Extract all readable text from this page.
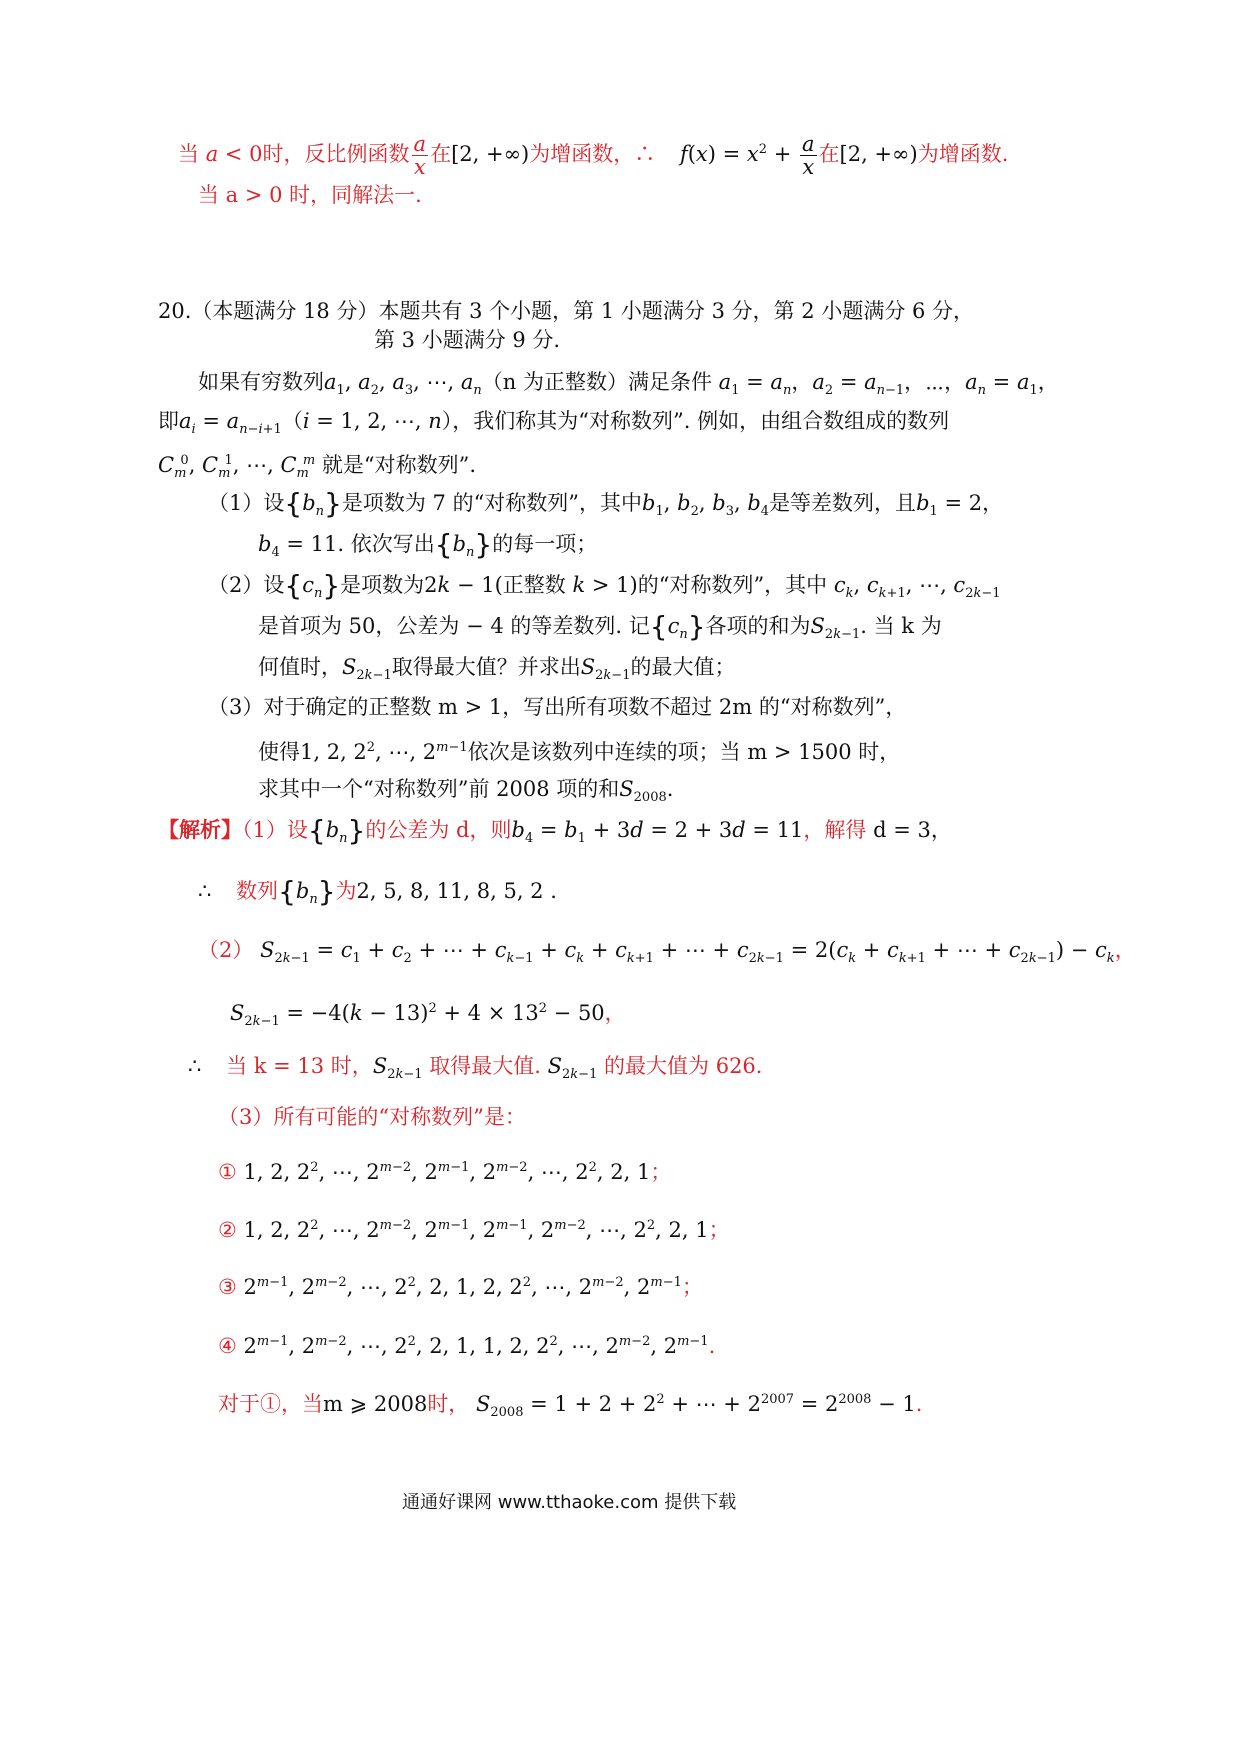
当 a < 0时，反比例函数 $\frac{a}{x}$ 在[2, +∞)为增函数，∴ $f(x) = x^2 + \frac{a}{x}$ 在[2, +∞)为增函数.
当 a > 0 时，同解法一.
20.（本题满分 18 分）本题共有 3 个小题，第 1 小题满分 3 分，第 2 小题满分 6 分，
第 3 小题满分 9 分.
如果有穷数列$a_1$, $a_2$, $a_3$, ⋯, $a_n(n$ 为正整数）满足条件 $a_1 = a_n$，$a_2 = a_{n-1}$，⋯，$a_n = a_1$，
即$a_i = a_{n-i+1}(i = 1$, 2, ⋯, n），我们称其为“对称数列”. 例如，由组合数组成的数列
$C_m^0$, $C_m^1$, ⋯, $C_m^m$ 就是“对称数列”.
（1）设$\{b_n\}$是项数为 7 的“对称数列”，其中$b_1$, $b_2$, $b_3$, $b_4$是等差数列，且$b_1 = 2$，
$b_4 = 11$. 依次写出$\{b_n\}$的每一项；
（2）设$\{c_n\}$是项数为2k − 1(正整数 k > 1)的“对称数列”，其中 $c_k$, $c_{k+1}$, ⋯, $c_{2k-1}$
是首项为 50，公差为 − 4 的等差数列. 记$\{c_n\}$各项的和为$S_{2k-1}$. 当 k 为
何值时，$S_{2k-1}$取得最大值？并求出$S_{2k-1}$的最大值；
（3）对于确定的正整数 m > 1，写出所有项数不超过 2m 的“对称数列”，
使得1, 2, $2^2$, ⋯, $2^{m-1}$依次是该数列中连续的项；当 m > 1500 时，
求其中一个“对称数列”前 2008 项的和$S_{2008}$.
【解析】（1）设$\{b_n\}$的公差为 d，则$b_4 = b_1 + 3d = 2 + 3d = 11$，解得 d = 3，
∴ 数列$\{b_n\}$为2, 5, 8, 11, 8, 5, 2 .
（2） $S_{2k-1} = c_1 + c_2$ + ⋯ + $c_{k-1} + c_k + c_{k+1}$ + ⋯ + $c_{2k-1} = 2(c_k + c_{k+1}$ + ⋯ + $c_{2k-1}) - c_k$，
$S_{2k-1} = -4(k - 13)^2 + 4 \times 13^2 - 50$，
∴ 当 k = 13 时，$S_{2k-1}$ 取得最大值. $S_{2k-1}$ 的最大值为 626.
（3）所有可能的“对称数列”是：
① 1, 2, $2^2$, ⋯, $2^{m-2}$, $2^{m-1}$, $2^{m-2}$, ⋯, $2^2$, 2, 1；
② 1, 2, $2^2$, ⋯, $2^{m-2}$, $2^{m-1}$, $2^{m-1}$, $2^{m-2}$, ⋯, $2^2$, 2, 1；
③ $2^{m-1}$, $2^{m-2}$, ⋯, $2^2$, 2, 1, 2, $2^2$, ⋯, $2^{m-2}$, $2^{m-1}$；
④ $2^{m-1}$, $2^{m-2}$, ⋯, $2^2$, 2, 1, 1, 2, $2^2$, ⋯, $2^{m-2}$, $2^{m-1}$.
对于①，当m ⩾ 2008时， $S_{2008} = 1 + 2 + 2^2$ + ⋯ + $2^{2007} = 2^{2008} - 1$.
通通好课网 www.tthaoke.com 提供下载
